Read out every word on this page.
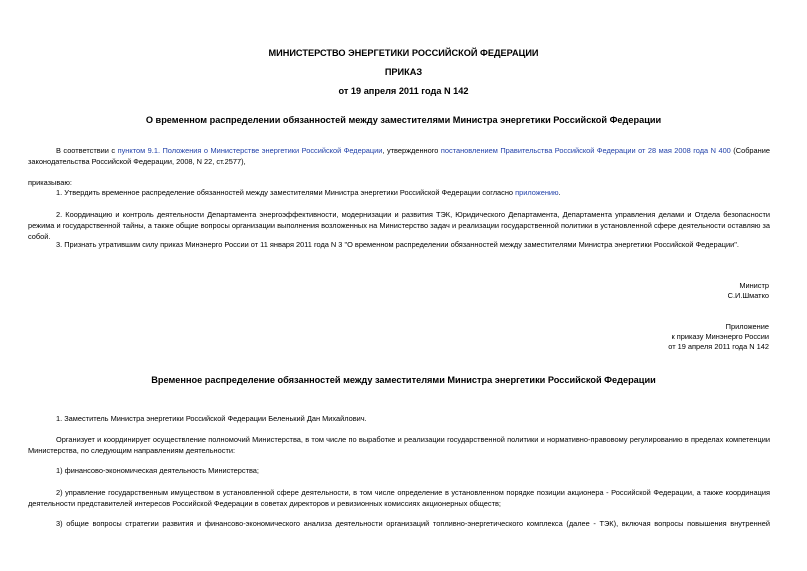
МИНИСТЕРСТВО ЭНЕРГЕТИКИ РОССИЙСКОЙ ФЕДЕРАЦИИ
ПРИКАЗ
от 19 апреля 2011 года N 142
О временном распределении обязанностей между заместителями Министра энергетики Российской Федерации
В соответствии с пунктом 9.1. Положения о Министерстве энергетики Российской Федерации, утвержденного постановлением Правительства Российской Федерации от 28 мая 2008 года N 400 (Собрание законодательства Российской Федерации, 2008, N 22, ст.2577),
приказываю:
1. Утвердить временное распределение обязанностей между заместителями Министра энергетики Российской Федерации согласно приложению.
2. Координацию и контроль деятельности Департамента энергоэффективности, модернизации и развития ТЭК, Юридического Департамента, Департамента управления делами и Отдела безопасности режима и государственной тайны, а также общие вопросы организации выполнения возложенных на Министерство задач и реализации государственной политики в установленной сфере деятельности оставляю за собой.
3. Признать утратившим силу приказ Минэнерго России от 11 января 2011 года N 3 "О временном распределении обязанностей между заместителями Министра энергетики Российской Федерации".
Министр
С.И.Шматко
Приложение
к приказу Минэнерго России
от 19 апреля 2011 года N 142
Временное распределение обязанностей между заместителями Министра энергетики Российской Федерации
1. Заместитель Министра энергетики Российской Федерации Беленький Дан Михайлович.
Организует и координирует осуществление полномочий Министерства, в том числе по выработке и реализации государственной политики и нормативно-правовому регулированию в пределах компетенции Министерства, по следующим направлениям деятельности:
1) финансово-экономическая деятельность Министерства;
2) управление государственным имуществом в установленной сфере деятельности, в том числе определение в установленном порядке позиции акционера - Российской Федерации, а также координация деятельности представителей интересов Российской Федерации в советах директоров и ревизионных комиссиях акционерных обществ;
3) общие вопросы стратегии развития и финансово-экономического анализа деятельности организаций топливно-энергетического комплекса (далее - ТЭК), включая вопросы повышения внутренней
